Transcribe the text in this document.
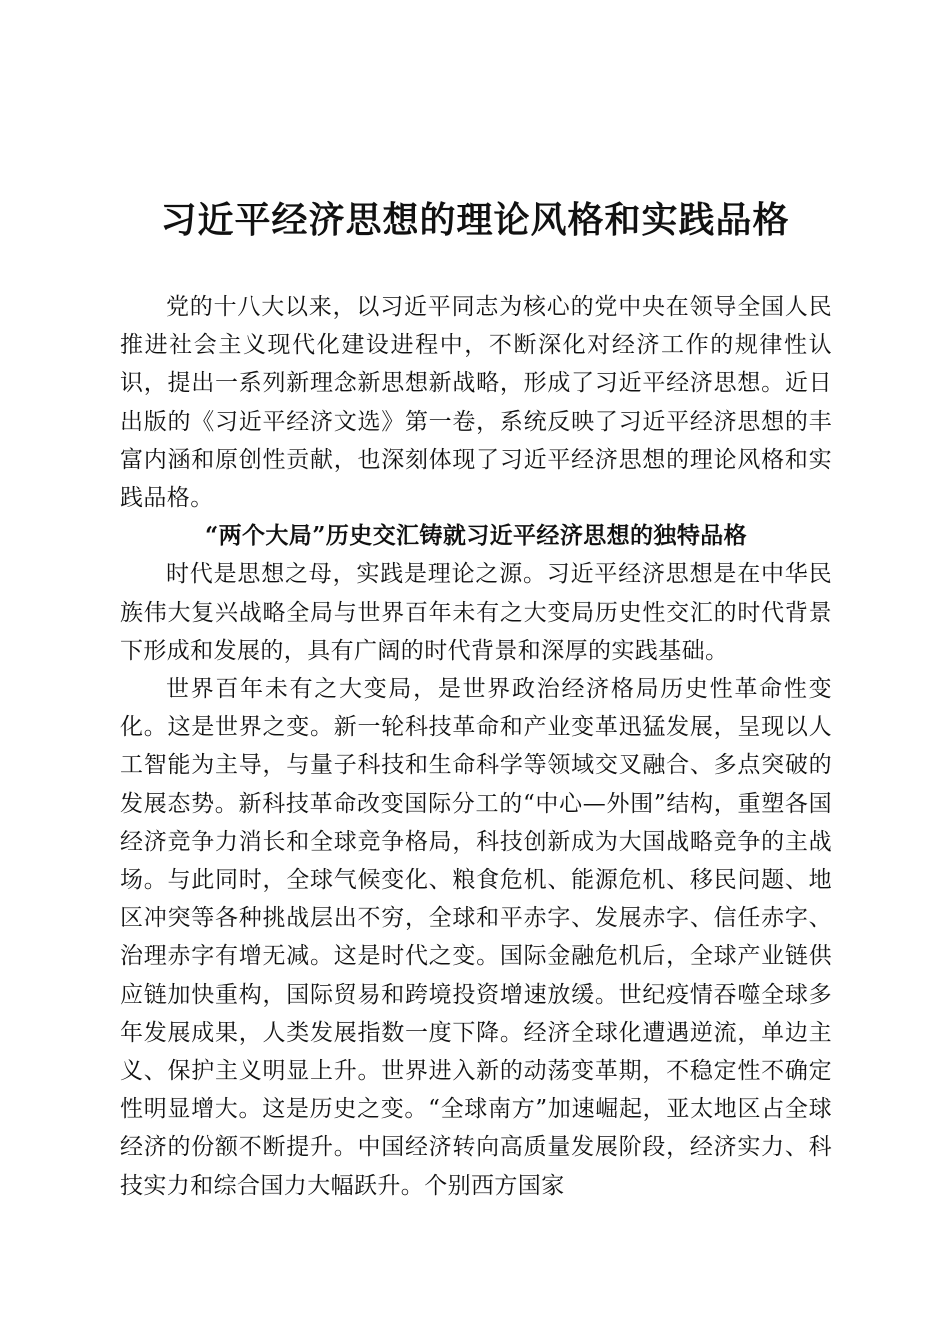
习近平经济思想的理论风格和实践品格

党的十八大以来，以习近平同志为核心的党中央在领导全国人民推进社会主义现代化建设进程中，不断深化对经济工作的规律性认识，提出一系列新理念新思想新战略，形成了习近平经济思想。近日出版的《习近平经济文选》第一卷，系统反映了习近平经济思想的丰富内涵和原创性贡献，也深刻体现了习近平经济思想的理论风格和实践品格。

“两个大局”历史交汇铸就习近平经济思想的独特品格

时代是思想之母，实践是理论之源。习近平经济思想是在中华民族伟大复兴战略全局与世界百年未有之大变局历史性交汇的时代背景下形成和发展的，具有广阔的时代背景和深厚的实践基础。

世界百年未有之大变局，是世界政治经济格局历史性革命性变化。这是世界之变。新一轮科技革命和产业变革迅猛发展，呈现以人工智能为主导，与量子科技和生命科学等领域交叉融合、多点突破的发展态势。新科技革命改变国际分工的“中心—外围”结构，重塑各国经济竞争力消长和全球竞争格局，科技创新成为大国战略竞争的主战场。与此同时，全球气候变化、粮食危机、能源危机、移民问题、地区冲突等各种挑战层出不穷，全球和平赤字、发展赤字、信任赤字、治理赤字有增无减。这是时代之变。国际金融危机后，全球产业链供应链加快重构，国际贸易和跨境投资增速放缓。世纪疫情吞噬全球多年发展成果，人类发展指数一度下降。经济全球化遭遇逆流，单边主义、保护主义明显上升。世界进入新的动荡变革期，不稳定性不确定性明显增大。这是历史之变。“全球南方”加速崛起，亚太地区占全球经济的份额不断提升。中国经济转向高质量发展阶段，经济实力、科技实力和综合国力大幅跃升。个别西方国家
